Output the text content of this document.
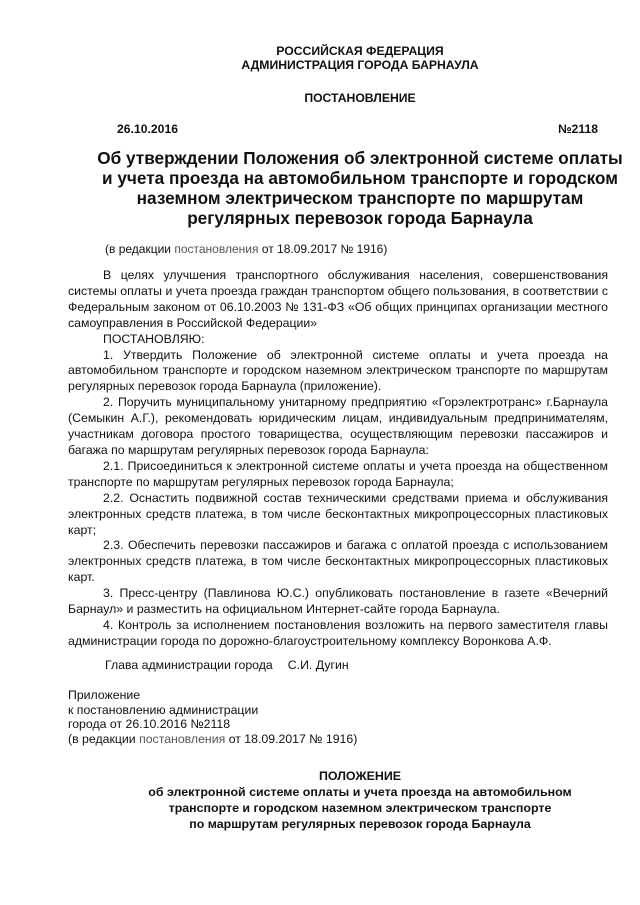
РОССИЙСКАЯ ФЕДЕРАЦИЯ
АДМИНИСТРАЦИЯ ГОРОДА БАРНАУЛА
ПОСТАНОВЛЕНИЕ
26.10.2016	№2118
Об утверждении Положения об электронной системе оплаты и учета проезда на автомобильном транспорте и городском наземном электрическом транспорте по маршрутам регулярных перевозок города Барнаула
(в редакции постановления от 18.09.2017 № 1916)

В целях улучшения транспортного обслуживания населения, совершенствования системы оплаты и учета проезда граждан транспортом общего пользования, в соответствии с Федеральным законом от 06.10.2003 № 131-ФЗ «Об общих принципах организации местного самоуправления в Российской Федерации»

ПОСТАНОВЛЯЮ:

1. Утвердить Положение об электронной системе оплаты и учета проезда на автомобильном транспорте и городском наземном электрическом транспорте по маршрутам регулярных перевозок города Барнаула (приложение).

2. Поручить муниципальному унитарному предприятию «Горэлектротранс» г.Барнаула (Семыкин А.Г.), рекомендовать юридическим лицам, индивидуальным предпринимателям, участникам договора простого товарищества, осуществляющим перевозки пассажиров и багажа по маршрутам регулярных перевозок города Барнаула:

2.1. Присоединиться к электронной системе оплаты и учета проезда на общественном транспорте по маршрутам регулярных перевозок города Барнаула;

2.2. Оснастить подвижной состав техническими средствами приема и обслуживания электронных средств платежа, в том числе бесконтактных микропроцессорных пластиковых карт;

2.3. Обеспечить перевозки пассажиров и багажа с оплатой проезда с использованием электронных средств платежа, в том числе бесконтактных микропроцессорных пластиковых карт.

3. Пресс-центру (Павлинова Ю.С.) опубликовать постановление в газете «Вечерний Барнаул» и разместить на официальном Интернет-сайте города Барнаула.

4. Контроль за исполнением постановления возложить на первого заместителя главы администрации города по дорожно-благоустроительному комплексу Воронкова А.Ф.

Глава администрации города С.И. Дугин
Приложение
к постановлению администрации
города от 26.10.2016 №2118
(в редакции постановления от 18.09.2017 № 1916)
ПОЛОЖЕНИЕ
об электронной системе оплаты и учета проезда на автомобильном
транспорте и городском наземном электрическом транспорте
по маршрутам регулярных перевозок города Барнаула
